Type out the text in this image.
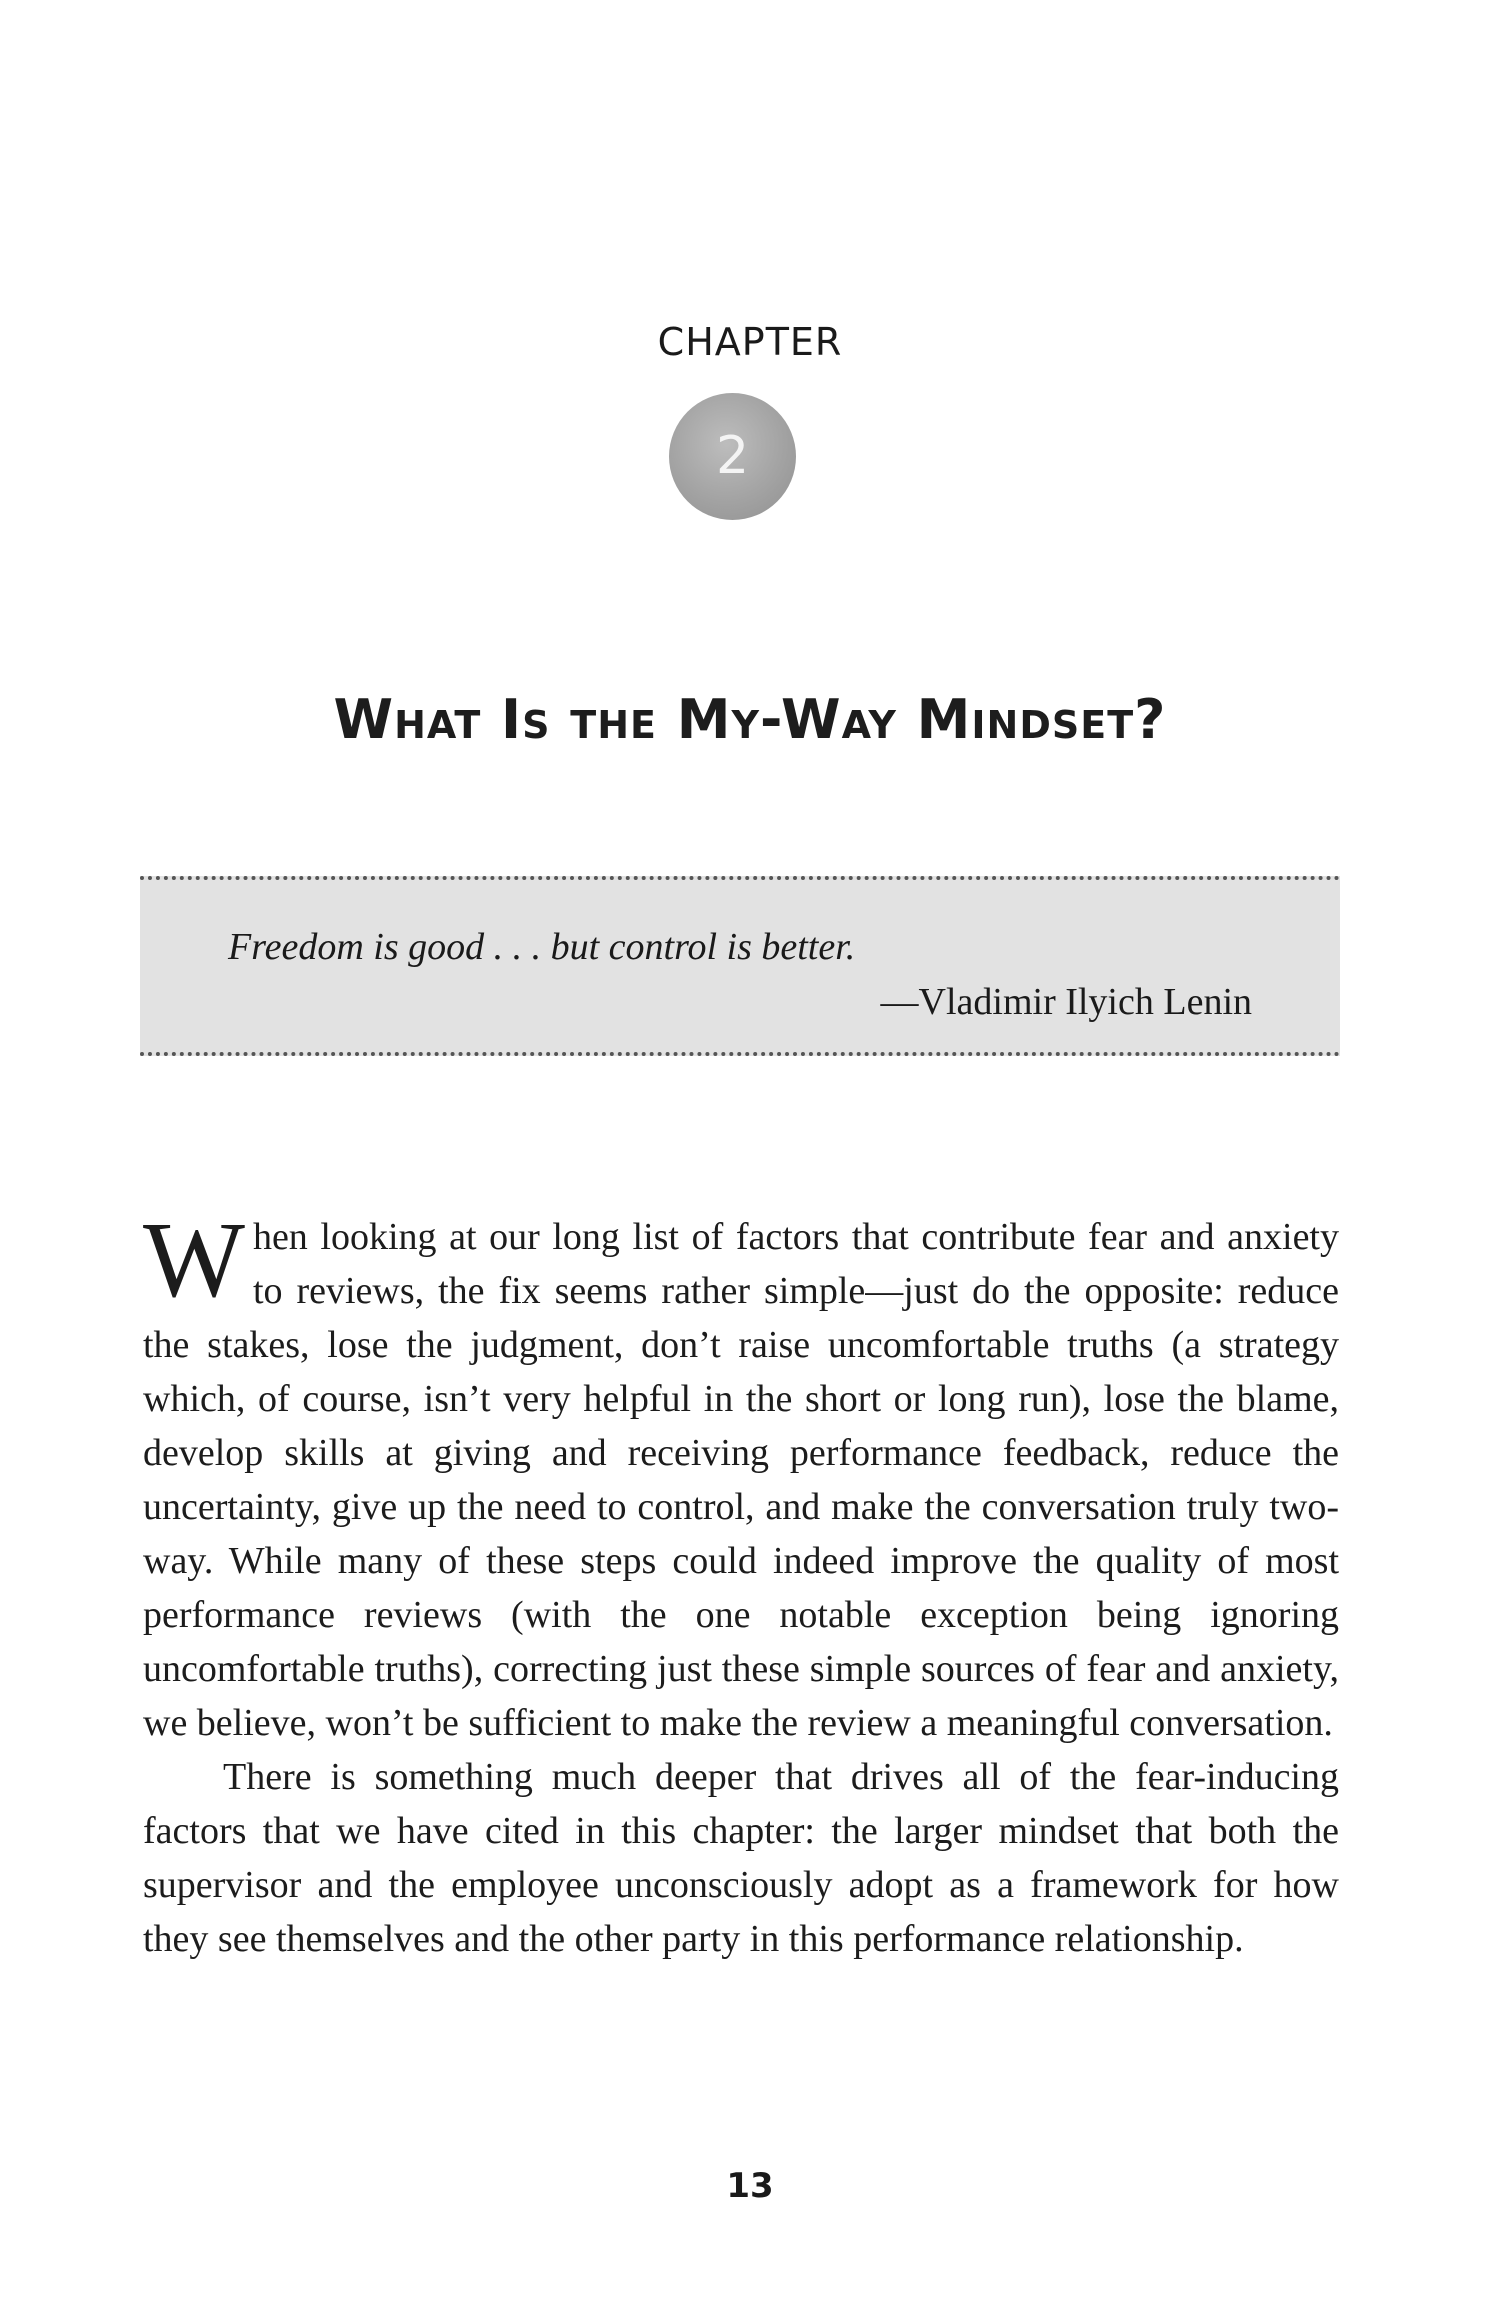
CHAPTER
2
What Is the My-Way Mindset?
Freedom is good . . . but control is better.
—Vladimir Ilyich Lenin

When looking at our long list of factors that contribute fear and anxiety to reviews, the fix seems rather simple—just do the opposite: reduce the stakes, lose the judgment, don’t raise uncomfortable truths (a strategy which, of course, isn’t very helpful in the short or long run), lose the blame, develop skills at giving and receiving performance feedback, reduce the uncertainty, give up the need to control, and make the conversation truly two-way. While many of these steps could indeed improve the quality of most performance reviews (with the one notable exception being ignoring uncomfortable truths), correcting just these simple sources of fear and anxiety, we believe, won’t be sufficient to make the review a meaningful conversation.

There is something much deeper that drives all of the fear-inducing factors that we have cited in this chapter: the larger mindset that both the supervisor and the employee unconsciously adopt as a framework for how they see themselves and the other party in this performance relationship.

13
